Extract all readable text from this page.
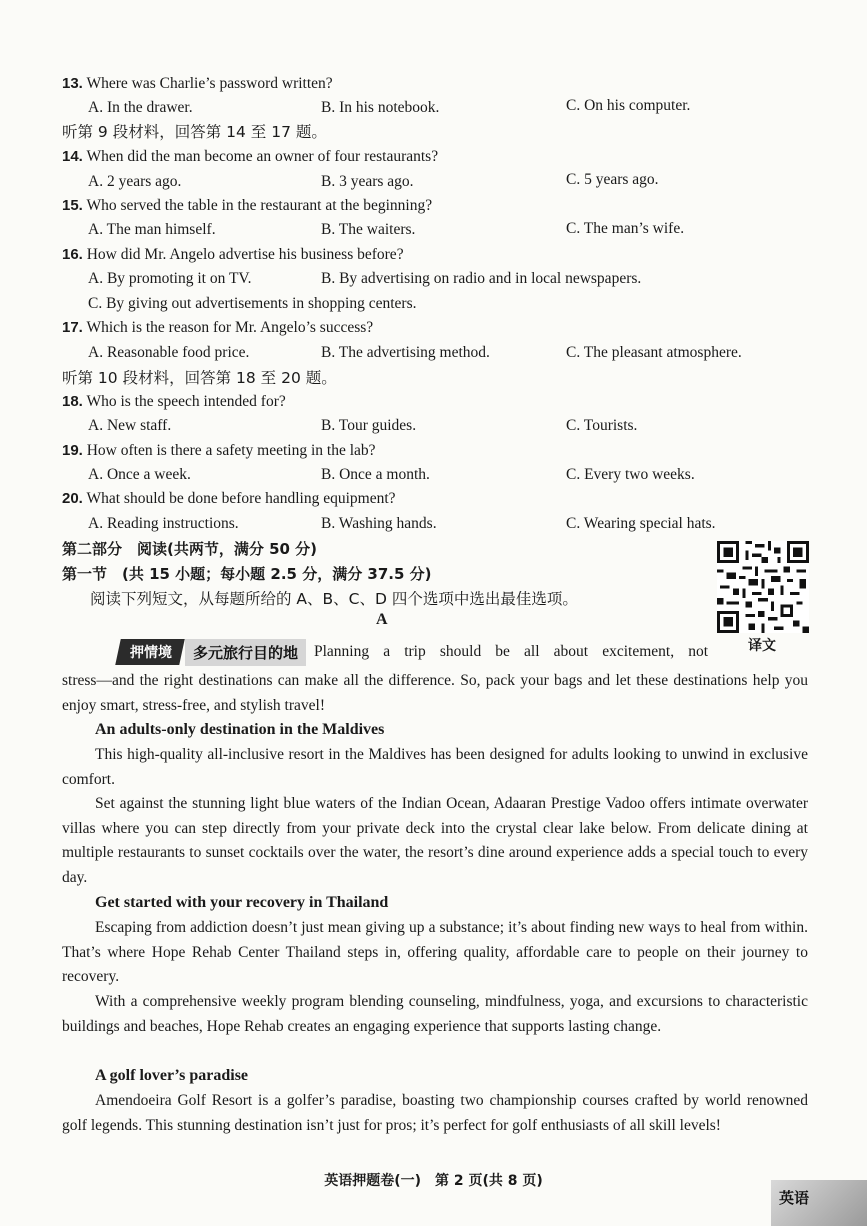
13. Where was Charlie’s password written?
A. In the drawer.	B. In his notebook.	C. On his computer.
听第 9 段材料，回答第 14 至 17 题。
14. When did the man become an owner of four restaurants?
A. 2 years ago.	B. 3 years ago.	C. 5 years ago.
15. Who served the table in the restaurant at the beginning?
A. The man himself.	B. The waiters.	C. The man’s wife.
16. How did Mr. Angelo advertise his business before?
A. By promoting it on TV.	B. By advertising on radio and in local newspapers.
C. By giving out advertisements in shopping centers.
17. Which is the reason for Mr. Angelo’s success?
A. Reasonable food price.	B. The advertising method.	C. The pleasant atmosphere.
听第 10 段材料，回答第 18 至 20 题。
18. Who is the speech intended for?
A. New staff.	B. Tour guides.	C. Tourists.
19. How often is there a safety meeting in the lab?
A. Once a week.	B. Once a month.	C. Every two weeks.
20. What should be done before handling equipment?
A. Reading instructions.	B. Washing hands.	C. Wearing special hats.
第二部分　阅读(共两节，满分 50 分)
第一节　(共 15 小题；每小题 2.5 分，满分 37.5 分)
阅读下列短文，从每题所给的 A、B、C、D 四个选项中选出最佳选项。
A
译文
押情境	多元旅行目的地	Planning a trip should be all about excitement, not
stress—and the right destinations can make all the difference. So, pack your bags and let these destinations help you enjoy smart, stress-free, and stylish travel!
An adults-only destination in the Maldives
This high-quality all-inclusive resort in the Maldives has been designed for adults looking to unwind in exclusive comfort.
Set against the stunning light blue waters of the Indian Ocean, Adaaran Prestige Vadoo offers intimate overwater villas where you can step directly from your private deck into the crystal clear lake below. From delicate dining at multiple restaurants to sunset cocktails over the water, the resort’s dine around experience adds a special touch to every day.
Get started with your recovery in Thailand
Escaping from addiction doesn’t just mean giving up a substance; it’s about finding new ways to heal from within. That’s where Hope Rehab Center Thailand steps in, offering quality, affordable care to people on their journey to recovery.
With a comprehensive weekly program blending counseling, mindfulness, yoga, and excursions to characteristic buildings and beaches, Hope Rehab creates an engaging experience that supports lasting change.
A golf lover’s paradise
Amendoeira Golf Resort is a golfer’s paradise, boasting two championship courses crafted by world renowned golf legends. This stunning destination isn’t just for pros; it’s perfect for golf enthusiasts of all skill levels!
英语押题卷(一)　第 2 页(共 8 页)
英语
